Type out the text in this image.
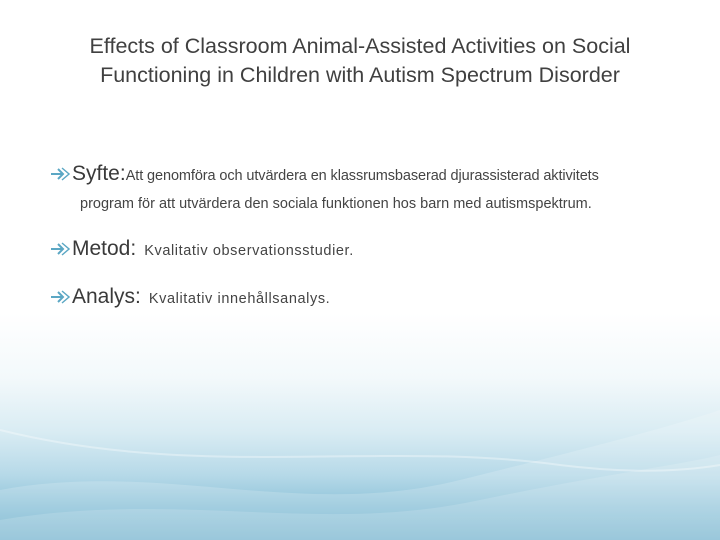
Effects of Classroom Animal-Assisted Activities on Social
Functioning in Children with Autism Spectrum Disorder
Syfte: Att genomföra och utvärdera en klassrumsbaserad djurassisterad aktivitets
program för att utvärdera den sociala funktionen hos barn med autismspektrum.
Metod: Kvalitativ observationsstudier.
Analys: Kvalitativ innehållsanalys.
